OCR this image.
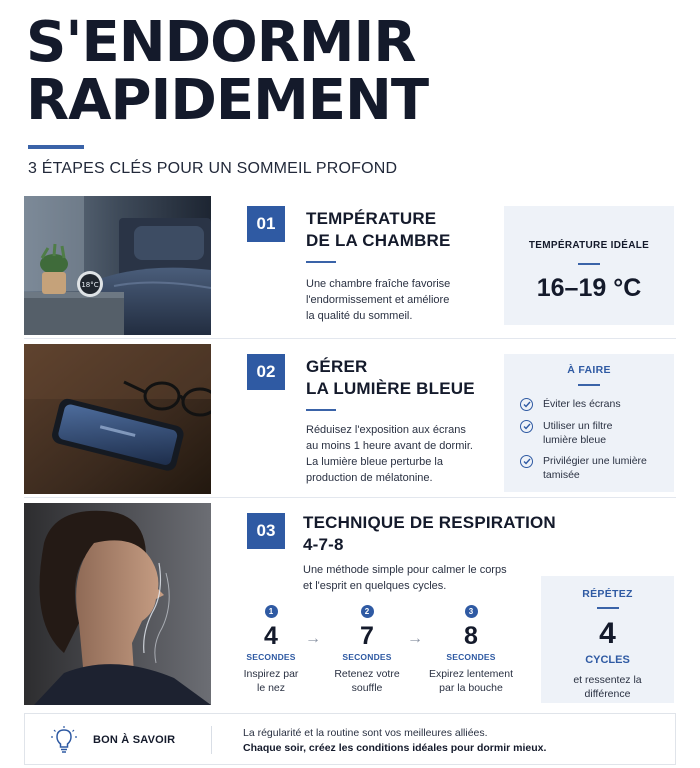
S'ENDORMIR
RAPIDEMENT
3 ÉTAPES CLÉS POUR UN SOMMEIL PROFOND
18°C
01	TEMPÉRATURE
DE LA CHAMBRE
Une chambre fraîche favorise
l'endormissement et améliore
la qualité du sommeil.
TEMPÉRATURE IDÉALE
16–19 °C
02	GÉRER
LA LUMIÈRE BLEUE
Réduisez l'exposition aux écrans
au moins 1 heure avant de dormir.
La lumière bleue perturbe la
production de mélatonine.
À FAIRE
Éviter les écrans
Utiliser un filtre
lumière bleue
Privilégier une lumière
tamisée
03	TECHNIQUE DE RESPIRATION
4-7-8
Une méthode simple pour calmer le corps
et l'esprit en quelques cycles.
1
4
SECONDES
Inspirez par
le nez
→
2
7
SECONDES
Retenez votre
souffle
→
3
8
SECONDES
Expirez lentement
par la bouche
RÉPÉTEZ
4
CYCLES
et ressentez la
différence
BON À SAVOIR
La régularité et la routine sont vos meilleures alliées.
Chaque soir, créez les conditions idéales pour dormir mieux.
